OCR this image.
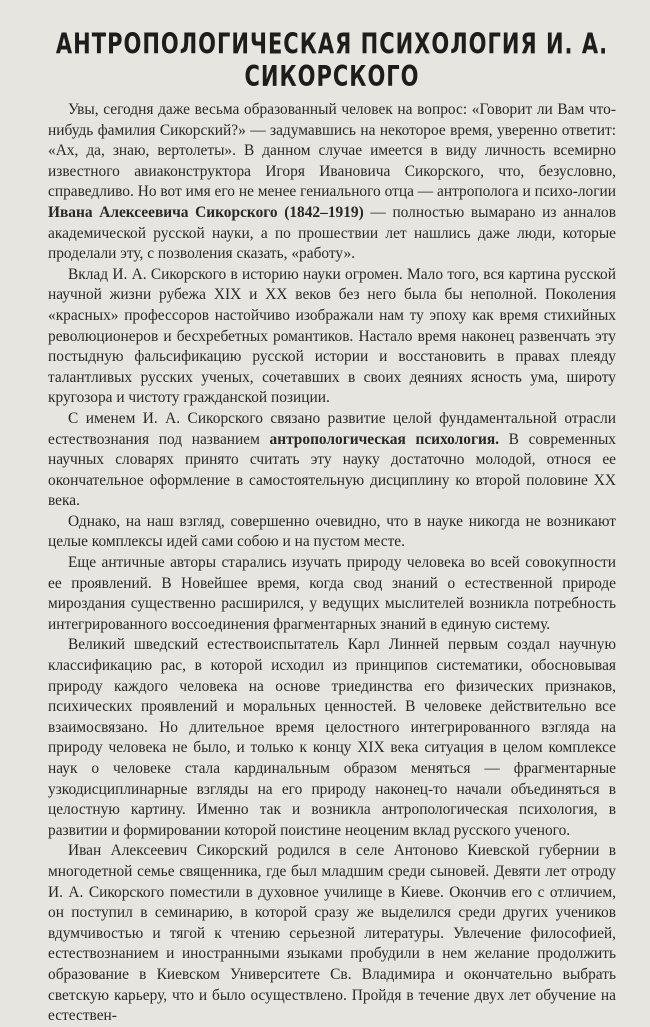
АНТРОПОЛОГИЧЕСКАЯ ПСИХОЛОГИЯ И. А. СИКОРСКОГО

Увы, сегодня даже весьма образованный человек на вопрос: «Говорит ли Вам что-нибудь фамилия Сикорский?» — задумавшись на некоторое время, уверенно ответит: «Ах, да, знаю, вертолеты». В данном случае имеется в виду личность всемирно известного авиаконструктора Игоря Ивановича Сикорского, что, безусловно, справедливо. Но вот имя его не менее гениального отца — антрополога и психо-логии Ивана Алексеевича Сикорского (1842–1919) — полностью вымарано из анналов академической русской науки, а по прошествии лет нашлись даже люди, которые проделали эту, с позволения сказать, «работу».

Вклад И. А. Сикорского в историю науки огромен. Мало того, вся картина русской научной жизни рубежа XIX и XX веков без него была бы неполной. Поколения «красных» профессоров настойчиво изображали нам ту эпоху как время стихийных революционеров и бесхребетных романтиков. Настало время наконец развенчать эту постыдную фальсификацию русской истории и восстановить в правах плеяду талантливых русских ученых, сочетавших в своих деяниях ясность ума, широту кругозора и чистоту гражданской позиции.

С именем И. А. Сикорского связано развитие целой фундаментальной отрасли естествознания под названием антропологическая психология. В современных научных словарях принято считать эту науку достаточно молодой, относя ее окончательное оформление в самостоятельную дисциплину ко второй половине XX века.

Однако, на наш взгляд, совершенно очевидно, что в науке никогда не возникают целые комплексы идей сами собою и на пустом месте.

Еще античные авторы старались изучать природу человека во всей совокупности ее проявлений. В Новейшее время, когда свод знаний о естественной природе мироздания существенно расширился, у ведущих мыслителей возникла потребность интегрированного воссоединения фрагментарных знаний в единую систему.

Великий шведский естествоиспытатель Карл Линней первым создал научную классификацию рас, в которой исходил из принципов систематики, обосновывая природу каждого человека на основе триединства его физических признаков, психических проявлений и моральных ценностей. В человеке действительно все взаимосвязано. Но длительное время целостного интегрированного взгляда на природу человека не было, и только к концу XIX века ситуация в целом комплексе наук о человеке стала кардинальным образом меняться — фрагментарные узкодисциплинарные взгляды на его природу наконец-то начали объединяться в целостную картину. Именно так и возникла антропологическая психология, в развитии и формировании которой поистине неоценим вклад русского ученого.

Иван Алексеевич Сикорский родился в селе Антоново Киевской губернии в многодетной семье священника, где был младшим среди сыновей. Девяти лет отроду И. А. Сикорского поместили в духовное училище в Киеве. Окончив его с отличием, он поступил в семинарию, в которой сразу же выделился среди других учеников вдумчивостью и тягой к чтению серьезной литературы. Увлечение философией, естествознанием и иностранными языками пробудили в нем желание продолжить образование в Киевском Университете Св. Владимира и окончательно выбрать светскую карьеру, что и было осуществлено. Пройдя в течение двух лет обучение на естествен-
